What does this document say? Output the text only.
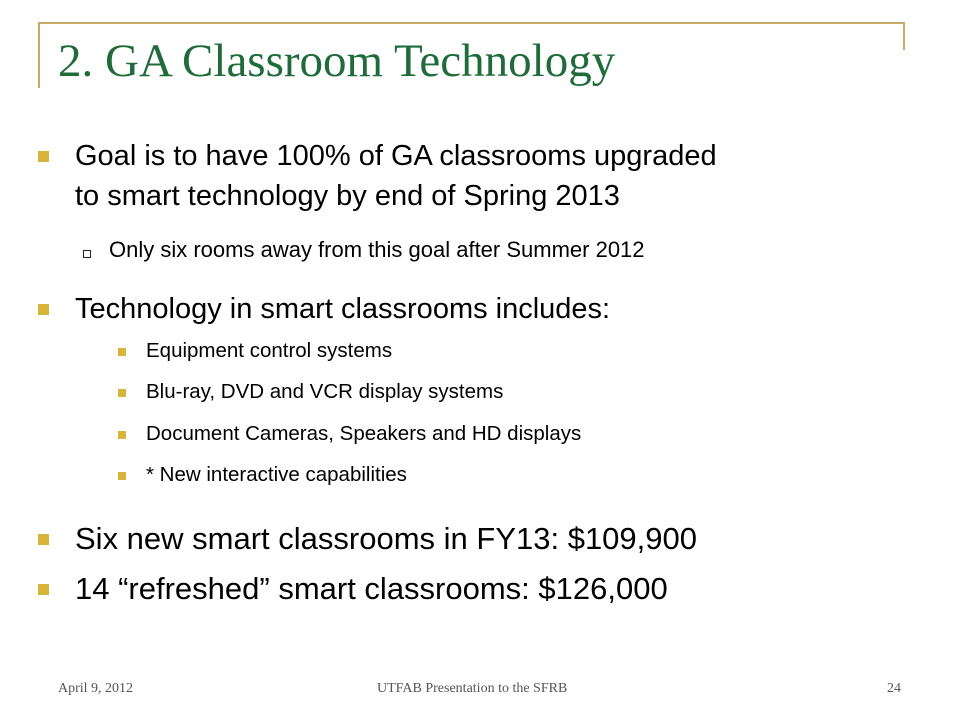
2. GA Classroom Technology
Goal is to have 100% of GA classrooms upgraded
to smart technology by end of Spring 2013
Only six rooms away from this goal after Summer 2012
Technology in smart classrooms includes:
Equipment control systems
Blu-ray, DVD and VCR display systems
Document Cameras, Speakers and HD displays
* New interactive capabilities
Six new smart classrooms in FY13: $109,900
14 “refreshed” smart classrooms: $126,000
April 9, 2012	UTFAB Presentation to the SFRB	24
